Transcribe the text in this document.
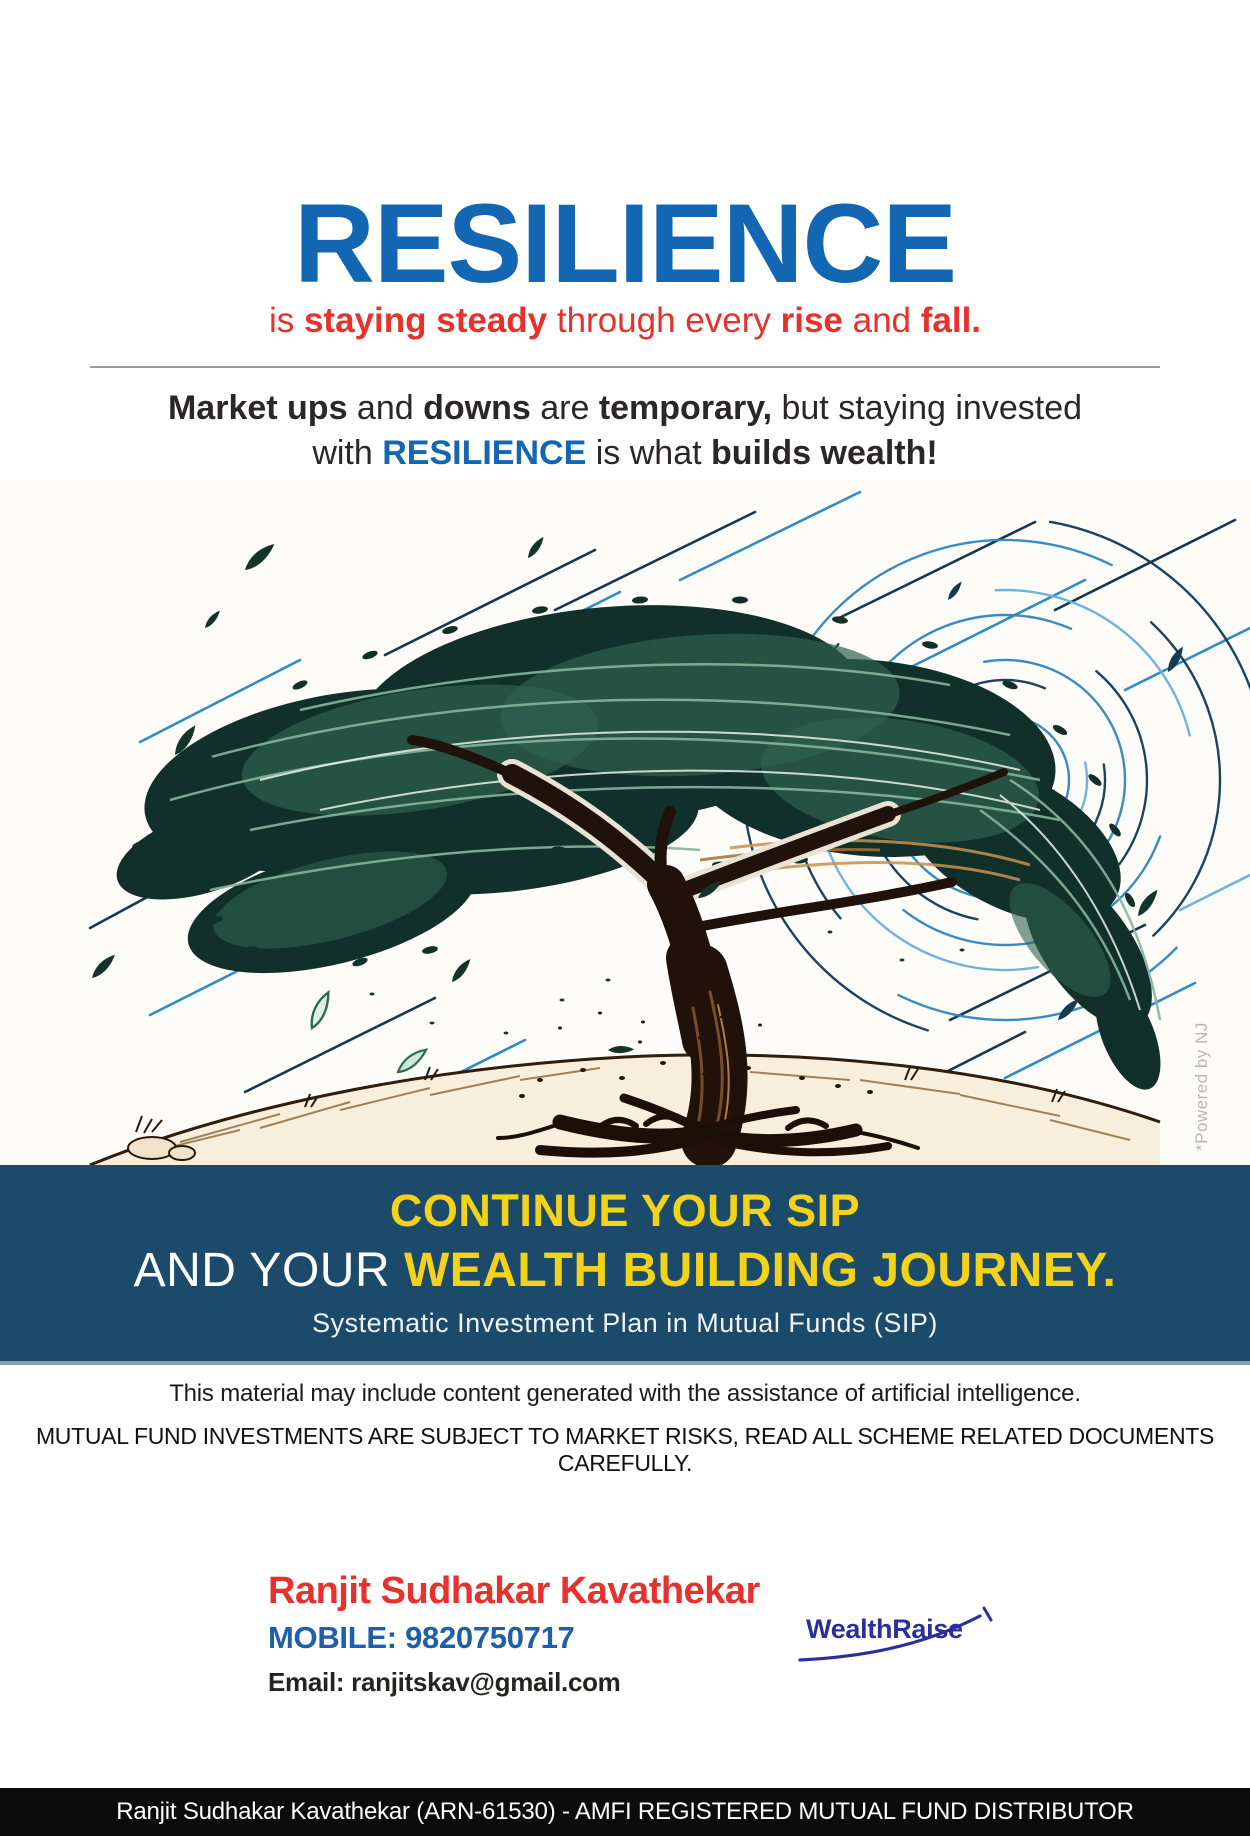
RESILIENCE
is staying steady through every rise and fall.
Market ups and downs are temporary, but staying invested
with RESILIENCE is what builds wealth!
*Powered by NJ

CONTINUE YOUR SIP

AND YOUR WEALTH BUILDING JOURNEY.

Systematic Investment Plan in Mutual Funds (SIP)

This material may include content generated with the assistance of artificial intelligence.
MUTUAL FUND INVESTMENTS ARE SUBJECT TO MARKET RISKS, READ ALL SCHEME RELATED DOCUMENTS CAREFULLY.
Ranjit Sudhakar Kavathekar
MOBILE: 9820750717
Email: ranjitskav@gmail.com
WealthRaise
Ranjit Sudhakar Kavathekar (ARN-61530) - AMFI REGISTERED MUTUAL FUND DISTRIBUTOR
